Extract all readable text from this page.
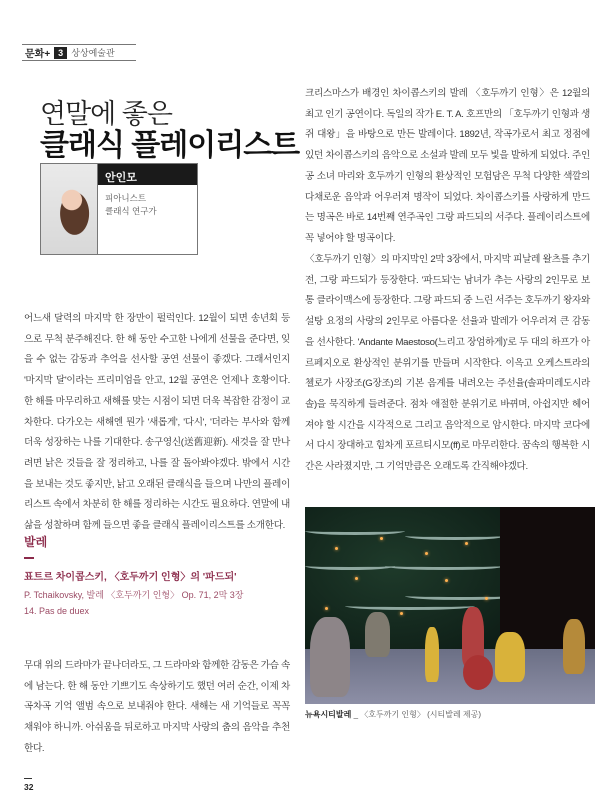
문화+ 3 상상예술관
연말에 좋은
클래식 플레이리스트
안인모
피아니스트
클래식 연구가

어느새 달력의 마지막 한 장만이 펄럭인다. 12월이 되면 송년회 등으로 무척 분주해진다. 한 해 동안 수고한 나에게 선물을 준다면, 잊을 수 없는 감동과 추억을 선사할 공연 선물이 좋겠다. 그래서인지 '마지막 달'이라는 프리미엄을 안고, 12월 공연은 언제나 호황이다. 한 해를 마무리하고 새해를 맞는 시점이 되면 더욱 복잡한 감정이 교차한다. 다가오는 새해엔 뭔가 '새롭게', '다시', '더라는 부사와 함께 더욱 성장하는 나를 기대한다. 송구영신(送舊迎新). 새것을 잘 만나려면 낡은 것들을 잘 정리하고, 나를 잘 돌아봐야겠다. 밖에서 시간을 보내는 것도 좋지만, 낡고 오래된 클래식을 들으며 나만의 플레이리스트 속에서 차분히 한 해를 정리하는 시간도 필요하다. 연말에 내 삶을 성찰하며 함께 들으면 좋을 클래식 플레이리스트를 소개한다.

발레
표트르 차이콥스키, 〈호두까기 인형〉의 '파드되'
P. Tchaikovsky, 발레 〈호두까기 인형〉 Op. 71, 2막 3장
14. Pas de duex

무대 위의 드라마가 끝나더라도, 그 드라마와 함께한 감동은 가슴 속에 남는다. 한 해 동안 기쁘기도 속상하기도 했던 여러 순간, 이제 차곡차곡 기억 앨범 속으로 보내줘야 한다. 새해는 새 기억들로 꼭꼭 채워야 하니까. 아쉬움을 뒤로하고 마지막 사랑의 춤의 음악을 추천한다.

크리스마스가 배경인 차이콥스키의 발레 〈호두까기 인형〉은 12월의 최고 인기 공연이다. 독일의 작가 E. T. A. 호프만의 「호두까기 인형과 생쥐 대왕」을 바탕으로 만든 발레이다. 1892년, 작곡가로서 최고 정점에 있던 차이콥스키의 음악으로 소설과 발레 모두 빛을 발하게 되었다. 주인공 소녀 마리와 호두까기 인형의 환상적인 모험담은 무척 다양한 색깔의 다채로운 음악과 어우러져 명작이 되었다. 차이콥스키를 사랑하게 만드는 명곡은 바로 14번째 연주곡인 그랑 파드되의 서주다. 플레이리스트에 꼭 넣어야 할 명곡이다.

〈호두까기 인형〉의 마지막인 2막 3장에서, 마지막 피날레 왈츠를 추기 전, 그랑 파드되가 등장한다. '파드되'는 남녀가 추는 사랑의 2인무로 보통 클라이맥스에 등장한다. 그랑 파드되 중 느린 서주는 호두까기 왕자와 설탕 요정의 사랑의 2인무로 아름다운 선율과 발레가 어우러져 큰 감동을 선사한다. 'Andante Maestoso(느리고 장엄하게)'로 두 대의 하프가 아르페지오로 환상적인 분위기를 만들며 시작한다. 이윽고 오케스트라의 첼로가 사장조(G장조)의 기본 음계를 내려오는 주선율(솔파미레도시라솔)을 묵직하게 들려준다. 점차 애절한 분위기로 바뀌며, 아쉽지만 헤어져야 할 시간을 시각적으로 그리고 음악적으로 암시한다. 마지막 코다에서 다시 장대하고 힘차게 포르티시모(ff)로 마무리한다. 꿈속의 행복한 시간은 사라졌지만, 그 기억만큼은 오래도록 간직해야겠다.

뉴욕시티발레 _ 〈호두까기 인형〉 (시티발레 제공)
32
